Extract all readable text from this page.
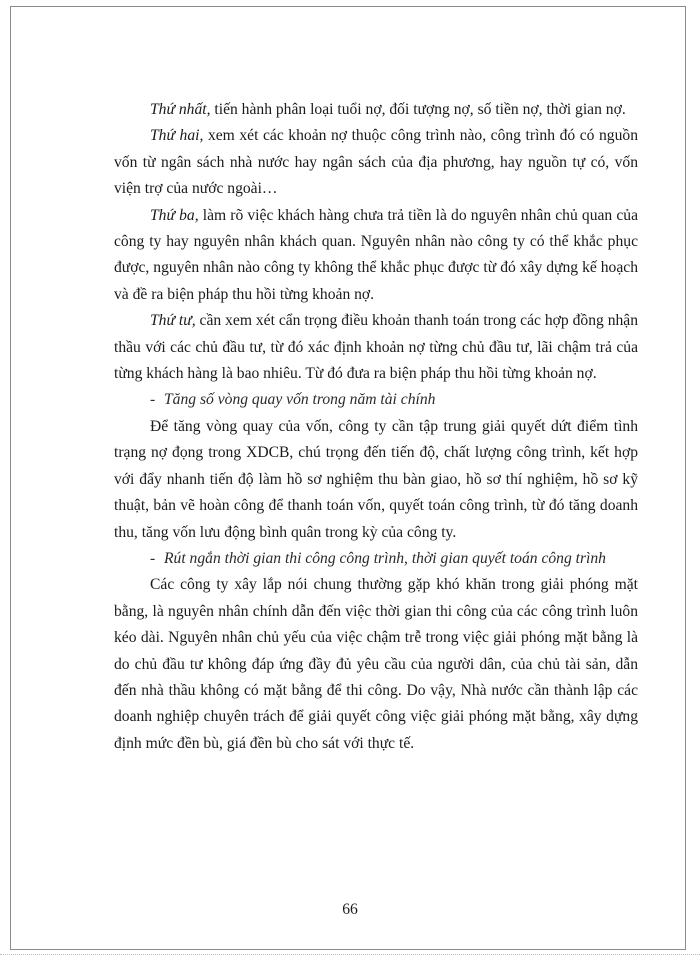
Thứ nhất, tiến hành phân loại tuổi nợ, đối tượng nợ, số tiền nợ, thời gian nợ.

Thứ hai, xem xét các khoản nợ thuộc công trình nào, công trình đó có nguồn vốn từ ngân sách nhà nước hay ngân sách của địa phương, hay nguồn tự có, vốn viện trợ của nước ngoài…

Thứ ba, làm rõ việc khách hàng chưa trả tiền là do nguyên nhân chủ quan của công ty hay nguyên nhân khách quan. Nguyên nhân nào công ty có thể khắc phục được, nguyên nhân nào công ty không thể khắc phục được từ đó xây dựng kế hoạch và đề ra biện pháp thu hồi từng khoản nợ.

Thứ tư, cần xem xét cẩn trọng điều khoản thanh toán trong các hợp đồng nhận thầu với các chủ đầu tư, từ đó xác định khoản nợ từng chủ đầu tư, lãi chậm trả của từng khách hàng là bao nhiêu. Từ đó đưa ra biện pháp thu hồi từng khoản nợ.

- Tăng số vòng quay vốn trong năm tài chính

Để tăng vòng quay của vốn, công ty cần tập trung giải quyết dứt điểm tình trạng nợ đọng trong XDCB, chú trọng đến tiến độ, chất lượng công trình, kết hợp với đẩy nhanh tiến độ làm hồ sơ nghiệm thu bàn giao, hồ sơ thí nghiệm, hồ sơ kỹ thuật, bản vẽ hoàn công để thanh toán vốn, quyết toán công trình, từ đó tăng doanh thu, tăng vốn lưu động bình quân trong kỳ của công ty.

- Rút ngắn thời gian thi công công trình, thời gian quyết toán công trình

Các công ty xây lắp nói chung thường gặp khó khăn trong giải phóng mặt bằng, là nguyên nhân chính dẫn đến việc thời gian thi công của các công trình luôn kéo dài. Nguyên nhân chủ yếu của việc chậm trễ trong việc giải phóng mặt bằng là do chủ đầu tư không đáp ứng đầy đủ yêu cầu của người dân, của chủ tài sản, dẫn đến nhà thầu không có mặt bằng để thi công. Do vậy, Nhà nước cần thành lập các doanh nghiệp chuyên trách để giải quyết công việc giải phóng mặt bằng, xây dựng định mức đền bù, giá đền bù cho sát với thực tế.

66
